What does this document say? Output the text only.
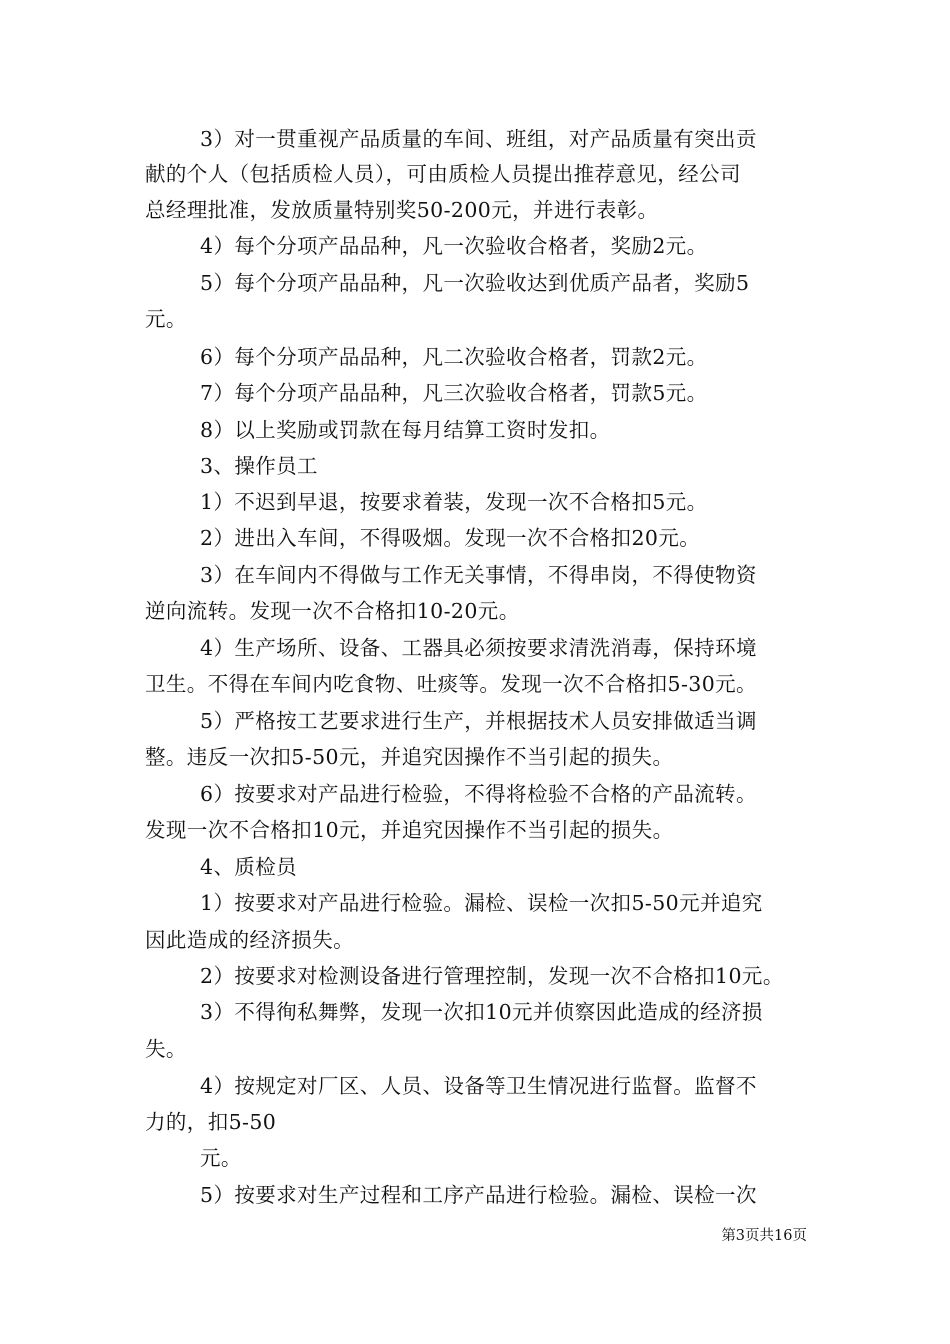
3）对一贯重视产品质量的车间、班组，对产品质量有突出贡
献的个人（包括质检人员），可由质检人员提出推荐意见，经公司
总经理批准，发放质量特别奖50-200元，并进行表彰。
4）每个分项产品品种，凡一次验收合格者，奖励2元。
5）每个分项产品品种，凡一次验收达到优质产品者，奖励5
元。
6）每个分项产品品种，凡二次验收合格者，罚款2元。
7）每个分项产品品种，凡三次验收合格者，罚款5元。
8）以上奖励或罚款在每月结算工资时发扣。
3、操作员工
1）不迟到早退，按要求着装，发现一次不合格扣5元。
2）进出入车间，不得吸烟。发现一次不合格扣20元。
3）在车间内不得做与工作无关事情，不得串岗，不得使物资
逆向流转。发现一次不合格扣10-20元。
4）生产场所、设备、工器具必须按要求清洗消毒，保持环境
卫生。不得在车间内吃食物、吐痰等。发现一次不合格扣5-30元。
5）严格按工艺要求进行生产，并根据技术人员安排做适当调
整。违反一次扣5-50元，并追究因操作不当引起的损失。
6）按要求对产品进行检验，不得将检验不合格的产品流转。
发现一次不合格扣10元，并追究因操作不当引起的损失。
4、质检员
1）按要求对产品进行检验。漏检、误检一次扣5-50元并追究
因此造成的经济损失。
2）按要求对检测设备进行管理控制，发现一次不合格扣10元。
3）不得徇私舞弊，发现一次扣10元并侦察因此造成的经济损
失。
4）按规定对厂区、人员、设备等卫生情况进行监督。监督不
力的，扣5-50
元。
5）按要求对生产过程和工序产品进行检验。漏检、误检一次
第3页共16页
